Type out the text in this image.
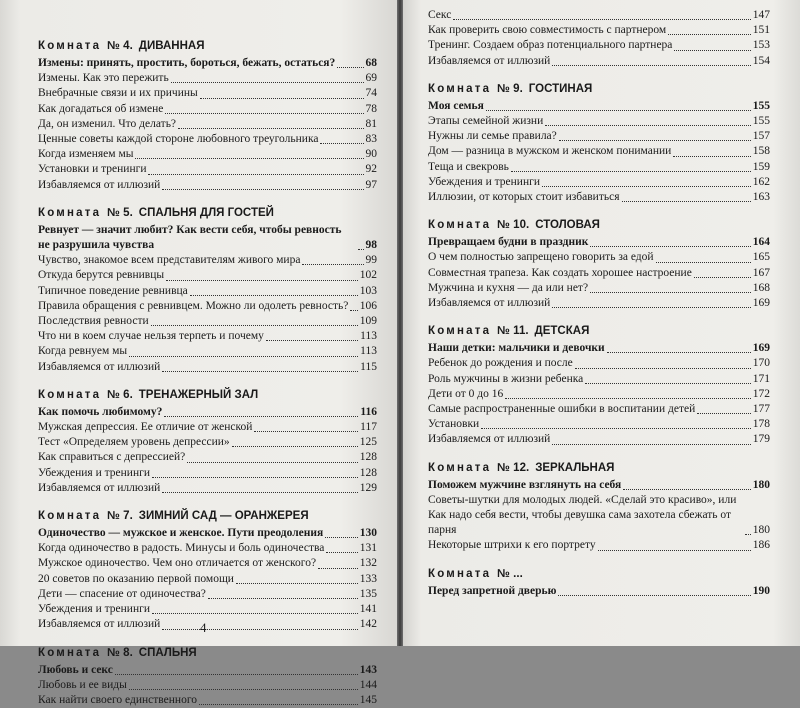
Комната № 4. ДИВАННАЯ
Измены: принять, простить, бороться, бежать, остаться?	68
Измены. Как это пережить	69
Внебрачные связи и их причины	74
Как догадаться об измене	78
Да, он изменил. Что делать?	81
Ценные советы каждой стороне любовного треугольника	83
Когда изменяем мы	90
Установки и тренинги	92
Избавляемся от иллюзий	97
Комната № 5. СПАЛЬНЯ ДЛЯ ГОСТЕЙ
Ревнует — значит любит? Как вести себя, чтобы ревность не разрушила чувства	98
Чувство, знакомое всем представителям живого мира	99
Откуда берутся ревнивцы	102
Типичное поведение ревнивца	103
Правила обращения с ревнивцем. Можно ли одолеть ревность? 106
Последствия ревности	109
Что ни в коем случае нельзя терпеть и почему	113
Когда ревнуем мы	113
Избавляемся от иллюзий	115
Комната № 6. ТРЕНАЖЕРНЫЙ ЗАЛ
Как помочь любимому?	116
Мужская депрессия. Ее отличие от женской	117
Тест «Определяем уровень депрессии»	125
Как справиться с депрессией?	128
Убеждения и тренинги	128
Избавляемся от иллюзий	129
Комната № 7. ЗИМНИЙ САД — ОРАНЖЕРЕЯ
Одиночество — мужское и женское. Пути преодоления	130
Когда одиночество в радость. Минусы и боль одиночества	131
Мужское одиночество. Чем оно отличается от женского?	132
20 советов по оказанию первой помощи	133
Дети — спасение от одиночества?	135
Убеждения и тренинги	141
Избавляемся от иллюзий	142
Комната № 8. СПАЛЬНЯ
Любовь и секс	143
Любовь и ее виды	144
Как найти своего единственного	145
4
Секс	147
Как проверить свою совместимость с партнером	151
Тренинг. Создаем образ потенциального партнера	153
Избавляемся от иллюзий	154
Комната № 9. ГОСТИНАЯ
Моя семья	155
Этапы семейной жизни	155
Нужны ли семье правила?	157
Дом — разница в мужском и женском понимании	158
Теща и свекровь	159
Убеждения и тренинги	162
Иллюзии, от которых стоит избавиться	163
Комната № 10. СТОЛОВАЯ
Превращаем будни в праздник	164
О чем полностью запрещено говорить за едой	165
Совместная трапеза. Как создать хорошее настроение	167
Мужчина и кухня — да или нет?	168
Избавляемся от иллюзий	169
Комната № 11. ДЕТСКАЯ
Наши детки: мальчики и девочки	169
Ребенок до рождения и после	170
Роль мужчины в жизни ребенка	171
Дети от 0 до 16	172
Самые распространенные ошибки в воспитании детей	177
Установки	178
Избавляемся от иллюзий	179
Комната № 12. ЗЕРКАЛЬНАЯ
Поможем мужчине взглянуть на себя	180
Советы-шутки для молодых людей. «Сделай это красиво», или Как надо себя вести, чтобы девушка сама захотела сбежать от парня	180
Некоторые штрихи к его портрету	186
Комната № ...
Перед запретной дверью	190
